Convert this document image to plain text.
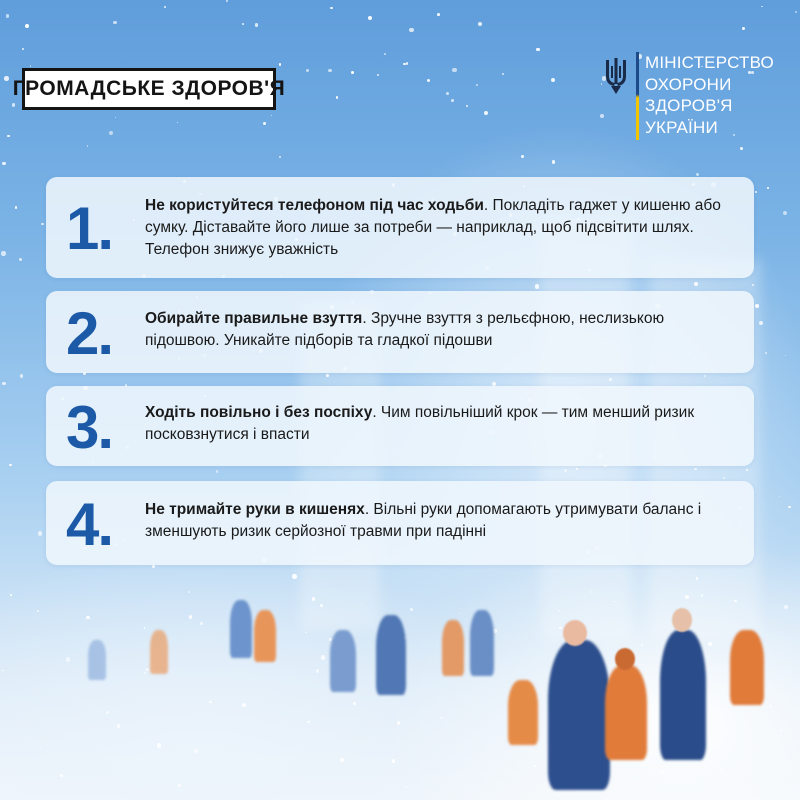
ГРОМАДСЬКЕ ЗДОРОВ'Я
МІНІСТЕРСТВО
ОХОРОНИ
ЗДОРОВ'Я
УКРАЇНИ
1. Не користуйтеся телефоном під час ходьби. Покладіть гаджет у кишеню або сумку. Діставайте його лише за потреби — наприклад, щоб підсвітити шлях. Телефон знижує уважність
2. Обирайте правильне взуття. Зручне взуття з рельєфною, неслизькою підошвою. Уникайте підборів та гладкої підошви
3. Ходіть повільно і без поспіху. Чим повільніший крок — тим менший ризик посковзнутися і впасти
4. Не тримайте руки в кишенях. Вільні руки допомагають утримувати баланс і зменшують ризик серйозної травми при падінні
